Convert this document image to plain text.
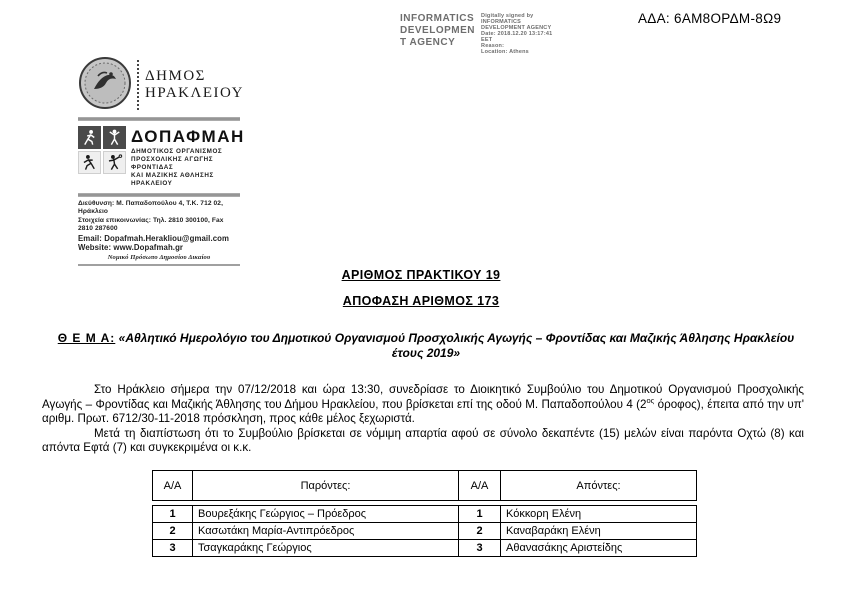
INFORMATICS
DEVELOPMEN
T AGENCY
Digitally signed by
INFORMATICS
DEVELOPMENT AGENCY
Date: 2018.12.20 13:17:41
EET
Reason:
Location: Athens
ΑΔΑ: 6ΑΜ8ΟΡΔΜ-8Ω9
ΔΗΜΟΣ
ΗΡΑΚΛΕΙΟΥ
ΔΟΠΑΦΜΑΗ
ΔΗΜΟΤΙΚΟΣ ΟΡΓΑΝΙΣΜΟΣ
ΠΡΟΣΧΟΛΙΚΗΣ ΑΓΩΓΗΣ ΦΡΟΝΤΙΔΑΣ
ΚΑΙ ΜΑΖΙΚΗΣ ΑΘΛΗΣΗΣ ΗΡΑΚΛΕΙΟΥ
Διεύθυνση: Μ. Παπαδοπούλου 4, Τ.Κ. 712 02, Ηράκλειο
Στοιχεία επικοινωνίας: Τηλ. 2810 300100, Fax 2810 287600
Email: Dopafmah.Herakliou@gmail.com
Website: www.Dopafmah.gr
Νομικό Πρόσωπο Δημοσίου Δικαίου
ΑΡΙΘΜΟΣ ΠΡΑΚΤΙΚΟΥ 19
ΑΠΟΦΑΣΗ ΑΡΙΘΜΟΣ 173
Θ Ε Μ Α: «Αθλητικό Ημερολόγιο του Δημοτικού Οργανισμού Προσχολικής Αγωγής – Φροντίδας και Μαζικής Άθλησης Ηρακλείου έτους 2019»

Στο Ηράκλειο σήμερα την 07/12/2018 και ώρα 13:30, συνεδρίασε το Διοικητικό Συμβούλιο του Δημοτικού Οργανισμού Προσχολικής Αγωγής – Φροντίδας και Μαζικής Άθλησης του Δήμου Ηρακλείου, που βρίσκεται επί της οδού Μ. Παπαδοπούλου 4 ($2^{o\varsigma}$ όροφος), έπειτα από την υπ' αριθμ. Πρωτ. 6712/30-11-2018 πρόσκληση, προς κάθε μέλος ξεχωριστά.

Μετά τη διαπίστωση ότι το Συμβούλιο βρίσκεται σε νόμιμη απαρτία αφού σε σύνολο δεκαπέντε (15) μελών είναι παρόντα Οχτώ (8) και απόντα Εφτά (7) και συγκεκριμένα οι κ.κ.

Α/Α	Παρόντες:	Α/Α	Απόντες:
1	Βουρεξάκης Γεώργιος – Πρόεδρος	1	Κόκκορη Ελένη
2	Κασωτάκη Μαρία-Αντιπρόεδρος	2	Καναβαράκη Ελένη
3	Τσαγκαράκης Γεώργιος	3	Αθανασάκης Αριστείδης
